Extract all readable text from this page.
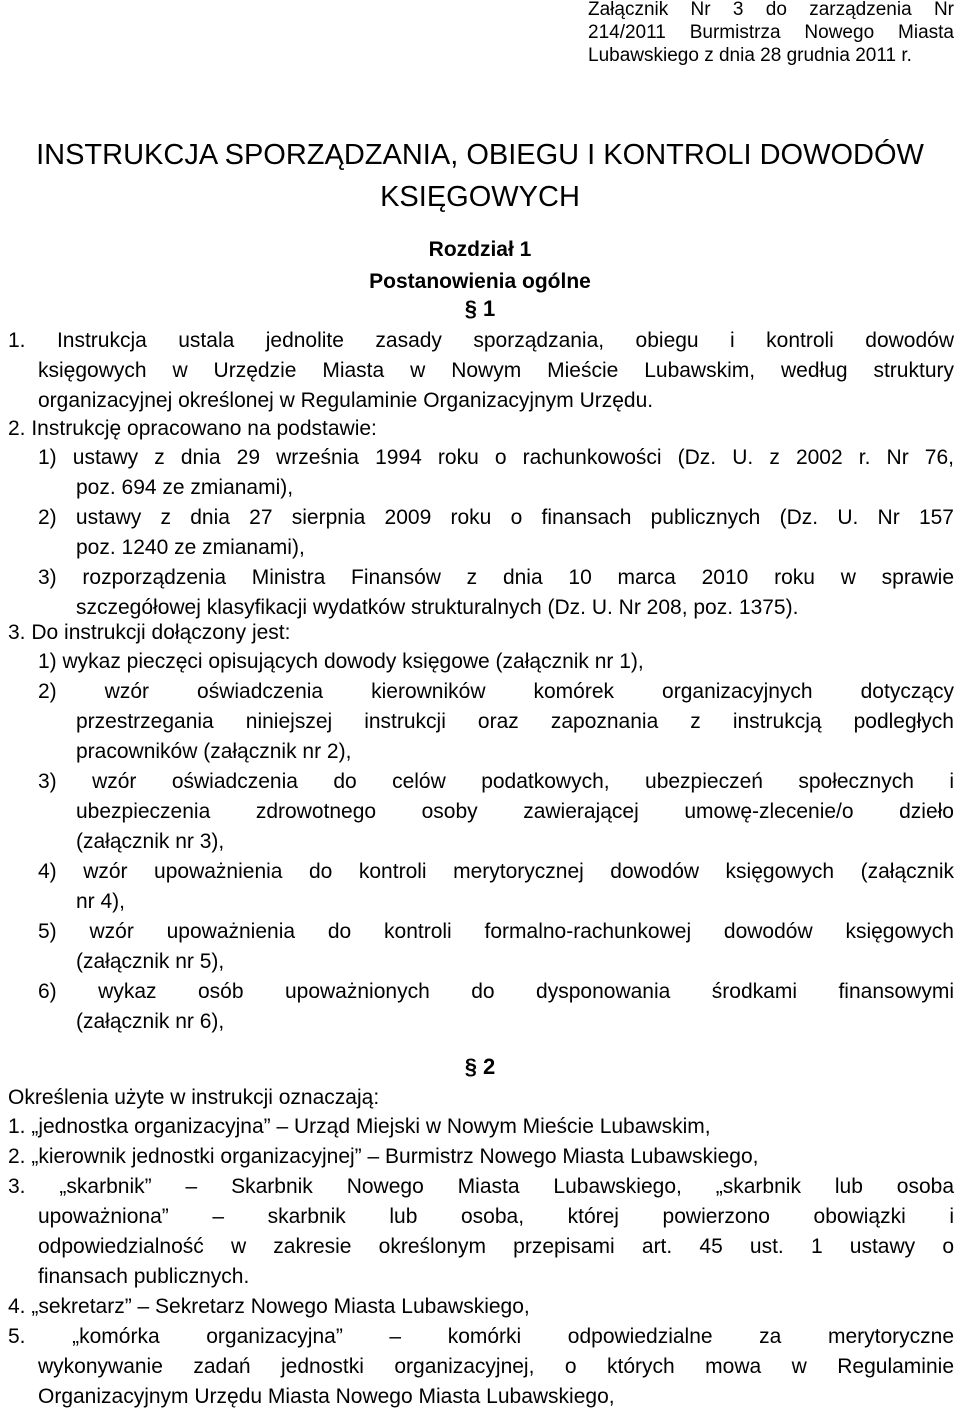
Załącznik Nr 3 do zarządzenia Nr
214/2011 Burmistrza Nowego Miasta
Lubawskiego z dnia 28 grudnia 2011 r.
INSTRUKCJA SPORZĄDZANIA, OBIEGU I KONTROLI DOWODÓW
KSIĘGOWYCH
Rozdział 1
Postanowienia ogólne
§ 1
1. Instrukcja ustala jednolite zasady sporządzania, obiegu i kontroli dowodów
księgowych w Urzędzie Miasta w Nowym Mieście Lubawskim, według struktury
organizacyjnej określonej w Regulaminie Organizacyjnym Urzędu.
2. Instrukcję opracowano na podstawie:
1) ustawy z dnia 29 września 1994 roku o rachunkowości (Dz. U. z 2002 r. Nr 76,
poz. 694 ze zmianami),
2) ustawy z dnia 27 sierpnia 2009 roku o finansach publicznych (Dz. U. Nr 157
poz. 1240 ze zmianami),
3) rozporządzenia Ministra Finansów z dnia 10 marca 2010 roku w sprawie
szczegółowej klasyfikacji wydatków strukturalnych (Dz. U. Nr 208, poz. 1375).
3. Do instrukcji dołączony jest:
1) wykaz pieczęci opisujących dowody księgowe (załącznik nr 1),
2) wzór oświadczenia kierowników komórek organizacyjnych dotyczący
przestrzegania niniejszej instrukcji oraz zapoznania z instrukcją podległych
pracowników (załącznik nr 2),
3) wzór oświadczenia do celów podatkowych, ubezpieczeń społecznych i
ubezpieczenia zdrowotnego osoby zawierającej umowę-zlecenie/o dzieło
(załącznik nr 3),
4) wzór upoważnienia do kontroli merytorycznej dowodów księgowych (załącznik
nr 4),
5) wzór upoważnienia do kontroli formalno-rachunkowej dowodów księgowych
(załącznik nr 5),
6) wykaz osób upoważnionych do dysponowania środkami finansowymi
(załącznik nr 6),
§ 2
Określenia użyte w instrukcji oznaczają:
1. „jednostka organizacyjna” – Urząd Miejski w Nowym Mieście Lubawskim,
2. „kierownik jednostki organizacyjnej” – Burmistrz Nowego Miasta Lubawskiego,
3. „skarbnik” – Skarbnik Nowego Miasta Lubawskiego, „skarbnik lub osoba
upoważniona” – skarbnik lub osoba, której powierzono obowiązki i
odpowiedzialność w zakresie określonym przepisami art. 45 ust. 1 ustawy o
finansach publicznych.
4. „sekretarz” – Sekretarz Nowego Miasta Lubawskiego,
5. „komórka organizacyjna” – komórki odpowiedzialne za merytoryczne
wykonywanie zadań jednostki organizacyjnej, o których mowa w Regulaminie
Organizacyjnym Urzędu Miasta Nowego Miasta Lubawskiego,
